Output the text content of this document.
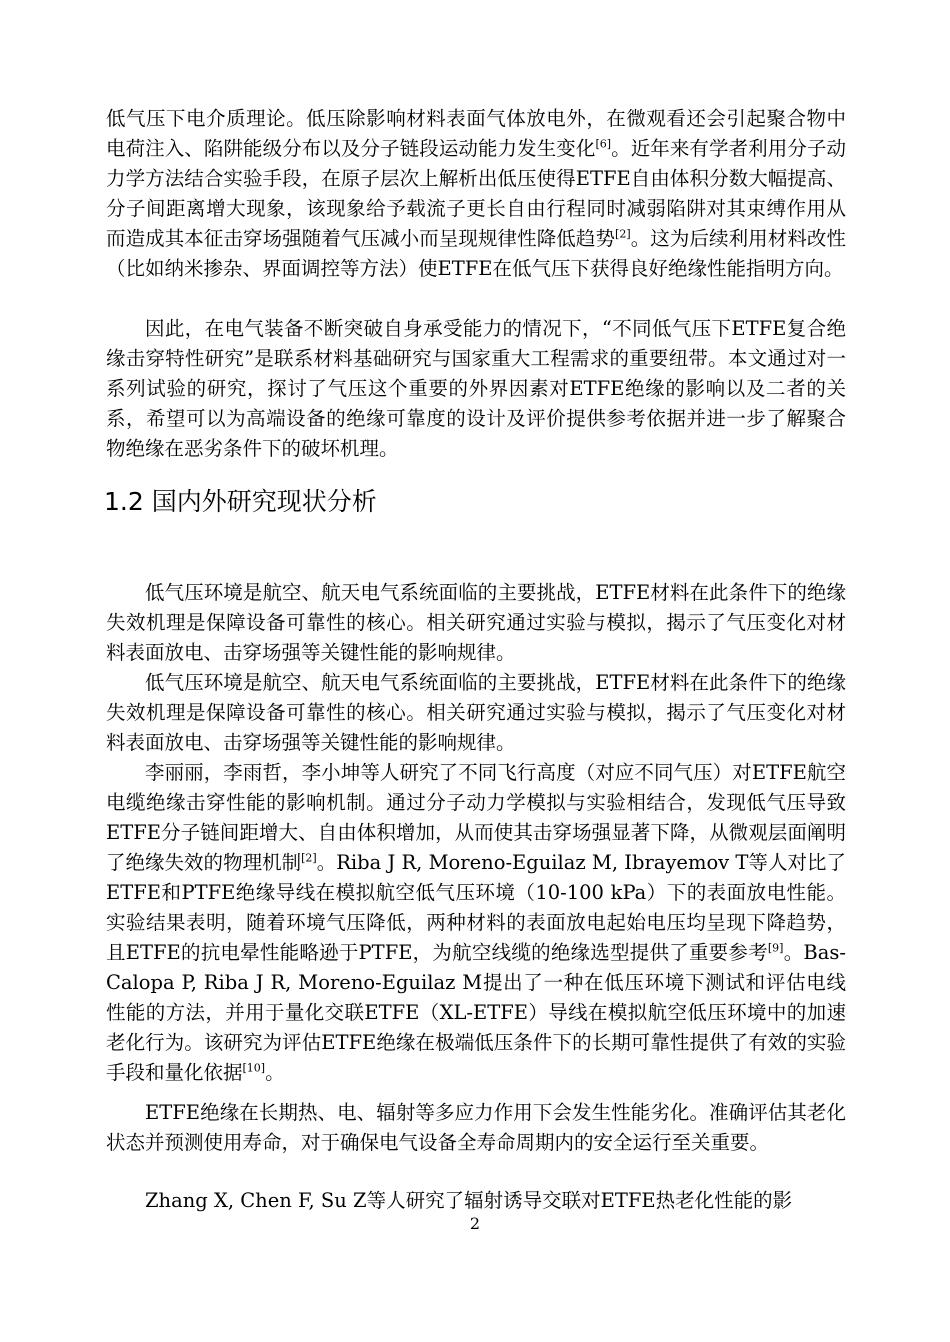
低气压下电介质理论。低压除影响材料表面气体放电外，在微观看还会引起聚合物中电荷注入、陷阱能级分布以及分子链段运动能力发生变化[6]。近年来有学者利用分子动力学方法结合实验手段，在原子层次上解析出低压使得ETFE自由体积分数大幅提高、分子间距离增大现象，该现象给予载流子更长自由行程同时减弱陷阱对其束缚作用从而造成其本征击穿场强随着气压减小而呈现规律性降低趋势[2]。这为后续利用材料改性（比如纳米掺杂、界面调控等方法）使ETFE在低气压下获得良好绝缘性能指明方向。

因此，在电气装备不断突破自身承受能力的情况下，“不同低气压下ETFE复合绝缘击穿特性研究”是联系材料基础研究与国家重大工程需求的重要纽带。本文通过对一系列试验的研究，探讨了气压这个重要的外界因素对ETFE绝缘的影响以及二者的关系，希望可以为高端设备的绝缘可靠度的设计及评价提供参考依据并进一步了解聚合物绝缘在恶劣条件下的破坏机理。

1.2 国内外研究现状分析

低气压环境是航空、航天电气系统面临的主要挑战，ETFE材料在此条件下的绝缘失效机理是保障设备可靠性的核心。相关研究通过实验与模拟，揭示了气压变化对材料表面放电、击穿场强等关键性能的影响规律。

低气压环境是航空、航天电气系统面临的主要挑战，ETFE材料在此条件下的绝缘失效机理是保障设备可靠性的核心。相关研究通过实验与模拟，揭示了气压变化对材料表面放电、击穿场强等关键性能的影响规律。

李丽丽，李雨哲，李小坤等人研究了不同飞行高度（对应不同气压）对ETFE航空电缆绝缘击穿性能的影响机制。通过分子动力学模拟与实验相结合，发现低气压导致ETFE分子链间距增大、自由体积增加，从而使其击穿场强显著下降，从微观层面阐明了绝缘失效的物理机制[2]。Riba J R, Moreno-Eguilaz M, Ibrayemov T等人对比了ETFE和PTFE绝缘导线在模拟航空低气压环境（10-100 kPa）下的表面放电性能。实验结果表明，随着环境气压降低，两种材料的表面放电起始电压均呈现下降趋势，且ETFE的抗电晕性能略逊于PTFE，为航空线缆的绝缘选型提供了重要参考[9]。Bas-Calopa P, Riba J R, Moreno-Eguilaz M提出了一种在低压环境下测试和评估电线性能的方法，并用于量化交联ETFE（XL-ETFE）导线在模拟航空低压环境中的加速老化行为。该研究为评估ETFE绝缘在极端低压条件下的长期可靠性提供了有效的实验手段和量化依据[10]。

ETFE绝缘在长期热、电、辐射等多应力作用下会发生性能劣化。准确评估其老化状态并预测使用寿命，对于确保电气设备全寿命周期内的安全运行至关重要。

Zhang X, Chen F, Su Z等人研究了辐射诱导交联对ETFE热老化性能的影

2
